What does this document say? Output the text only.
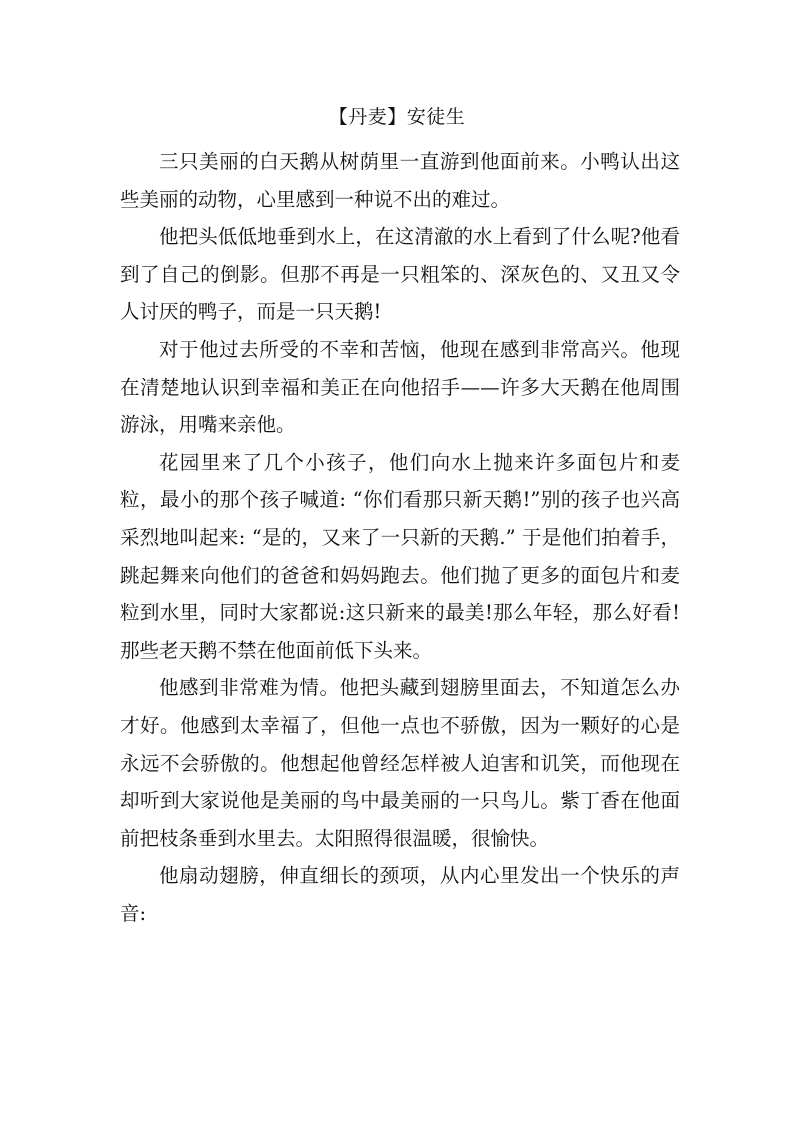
【丹麦】安徒生

三只美丽的白天鹅从树荫里一直游到他面前来。小鸭认出这些美丽的动物，心里感到一种说不出的难过。

他把头低低地垂到水上，在这清澈的水上看到了什么呢?他看到了自己的倒影。但那不再是一只粗笨的、深灰色的、又丑又令人讨厌的鸭子，而是一只天鹅!

对于他过去所受的不幸和苦恼，他现在感到非常高兴。他现在清楚地认识到幸福和美正在向他招手——许多大天鹅在他周围游泳，用嘴来亲他。

花园里来了几个小孩子，他们向水上抛来许多面包片和麦粒，最小的那个孩子喊道: “你们看那只新天鹅!”别的孩子也兴高采烈地叫起来: “是的，又来了一只新的天鹅.” 于是他们拍着手，跳起舞来向他们的爸爸和妈妈跑去。他们抛了更多的面包片和麦粒到水里，同时大家都说:这只新来的最美!那么年轻，那么好看!那些老天鹅不禁在他面前低下头来。

他感到非常难为情。他把头藏到翅膀里面去，不知道怎么办才好。他感到太幸福了，但他一点也不骄傲，因为一颗好的心是永远不会骄傲的。他想起他曾经怎样被人迫害和讥笑，而他现在却听到大家说他是美丽的鸟中最美丽的一只鸟儿。紫丁香在他面前把枝条垂到水里去。太阳照得很温暖，很愉快。

他扇动翅膀，伸直细长的颈项，从内心里发出一个快乐的声音:
